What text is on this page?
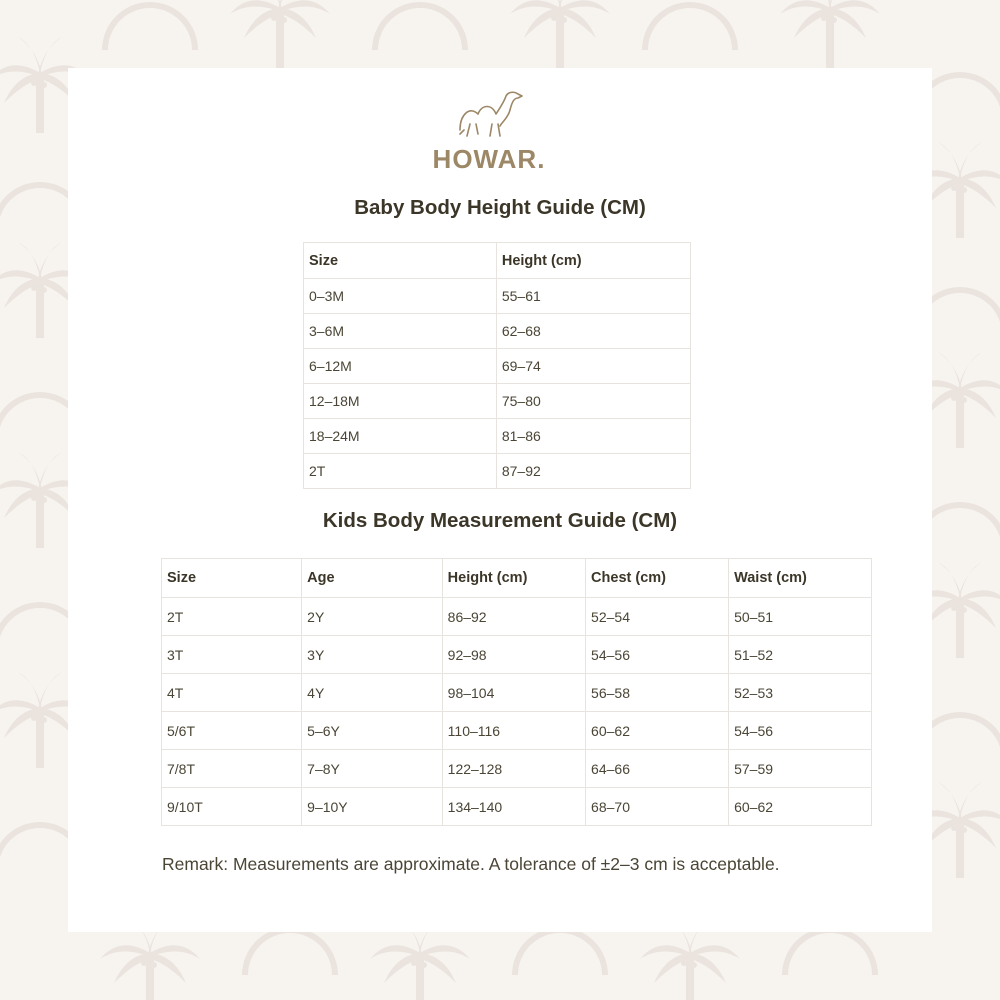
HOWAR.
Baby Body Height Guide (CM)
Size	Height (cm)
0–3M	55–61
3–6M	62–68
6–12M	69–74
12–18M	75–80
18–24M	81–86
2T	87–92
Kids Body Measurement Guide (CM)
Size	Age	Height (cm)	Chest (cm)	Waist (cm)
2T	2Y	86–92	52–54	50–51
3T	3Y	92–98	54–56	51–52
4T	4Y	98–104	56–58	52–53
5/6T	5–6Y	110–116	60–62	54–56
7/8T	7–8Y	122–128	64–66	57–59
9/10T	9–10Y	134–140	68–70	60–62
Remark: Measurements are approximate. A tolerance of ±2–3 cm is acceptable.
